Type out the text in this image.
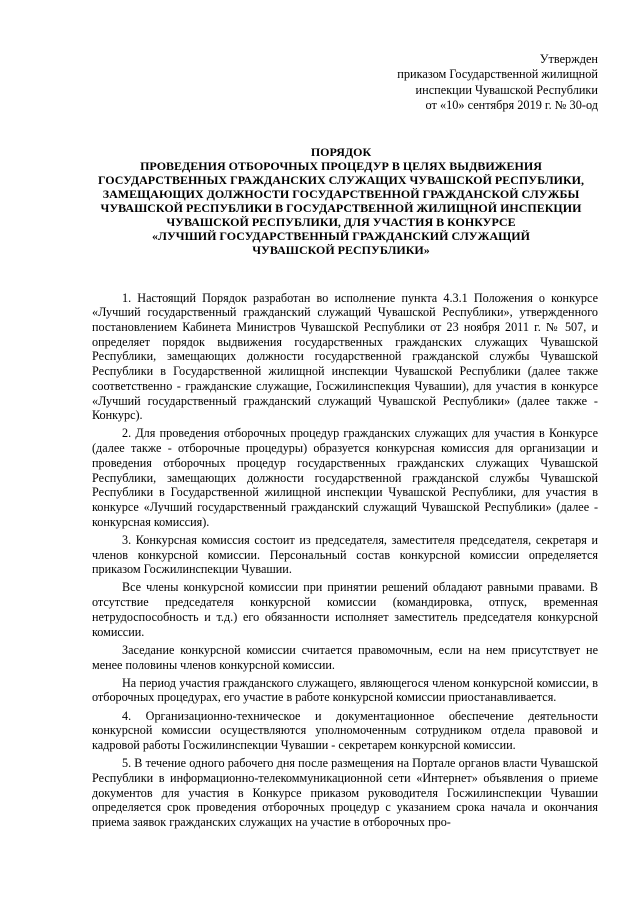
Утвержден
приказом Государственной жилищной
инспекции Чувашской Республики
от «10» сентября 2019 г. № 30-од
ПОРЯДОК
ПРОВЕДЕНИЯ ОТБОРОЧНЫХ ПРОЦЕДУР В ЦЕЛЯХ ВЫДВИЖЕНИЯ
ГОСУДАРСТВЕННЫХ ГРАЖДАНСКИХ СЛУЖАЩИХ ЧУВАШСКОЙ РЕСПУБЛИКИ,
ЗАМЕЩАЮЩИХ ДОЛЖНОСТИ ГОСУДАРСТВЕННОЙ ГРАЖДАНСКОЙ СЛУЖБЫ
ЧУВАШСКОЙ РЕСПУБЛИКИ В ГОСУДАРСТВЕННОЙ ЖИЛИЩНОЙ ИНСПЕКЦИИ
ЧУВАШСКОЙ РЕСПУБЛИКИ, ДЛЯ УЧАСТИЯ В КОНКУРСЕ
«ЛУЧШИЙ ГОСУДАРСТВЕННЫЙ ГРАЖДАНСКИЙ СЛУЖАЩИЙ
ЧУВАШСКОЙ РЕСПУБЛИКИ»

1. Настоящий Порядок разработан во исполнение пункта 4.3.1 Положения о конкурсе «Лучший государственный гражданский служащий Чувашской Республики», утвержденного постановлением Кабинета Министров Чувашской Республики от 23 ноября 2011 г. № 507, и определяет порядок выдвижения государственных гражданских служащих Чувашской Республики, замещающих должности государственной гражданской службы Чувашской Республики в Государственной жилищной инспекции Чувашской Республики (далее также соответственно - гражданские служащие, Госжилинспекция Чувашии), для участия в конкурсе «Лучший государственный гражданский служащий Чувашской Республики» (далее также - Конкурс).

2. Для проведения отборочных процедур гражданских служащих для участия в Конкурсе (далее также - отборочные процедуры) образуется конкурсная комиссия для организации и проведения отборочных процедур государственных гражданских служащих Чувашской Республики, замещающих должности государственной гражданской службы Чувашской Республики в Государственной жилищной инспекции Чувашской Республики, для участия в конкурсе «Лучший государственный гражданский служащий Чувашской Республики» (далее - конкурсная комиссия).

3. Конкурсная комиссия состоит из председателя, заместителя председателя, секретаря и членов конкурсной комиссии. Персональный состав конкурсной комиссии определяется приказом Госжилинспекции Чувашии.

Все члены конкурсной комиссии при принятии решений обладают равными правами. В отсутствие председателя конкурсной комиссии (командировка, отпуск, временная нетрудоспособность и т.д.) его обязанности исполняет заместитель председателя конкурсной комиссии.

Заседание конкурсной комиссии считается правомочным, если на нем присутствует не менее половины членов конкурсной комиссии.

На период участия гражданского служащего, являющегося членом конкурсной комиссии, в отборочных процедурах, его участие в работе конкурсной комиссии приостанавливается.

4. Организационно-техническое и документационное обеспечение деятельности конкурсной комиссии осуществляются уполномоченным сотрудником отдела правовой и кадровой работы Госжилинспекции Чувашии - секретарем конкурсной комиссии.

5. В течение одного рабочего дня после размещения на Портале органов власти Чувашской Республики в информационно-телекоммуникационной сети «Интернет» объявления о приеме документов для участия в Конкурсе приказом руководителя Госжилинспекции Чувашии определяется срок проведения отборочных процедур с указанием срока начала и окончания приема заявок гражданских служащих на участие в отборочных про-
